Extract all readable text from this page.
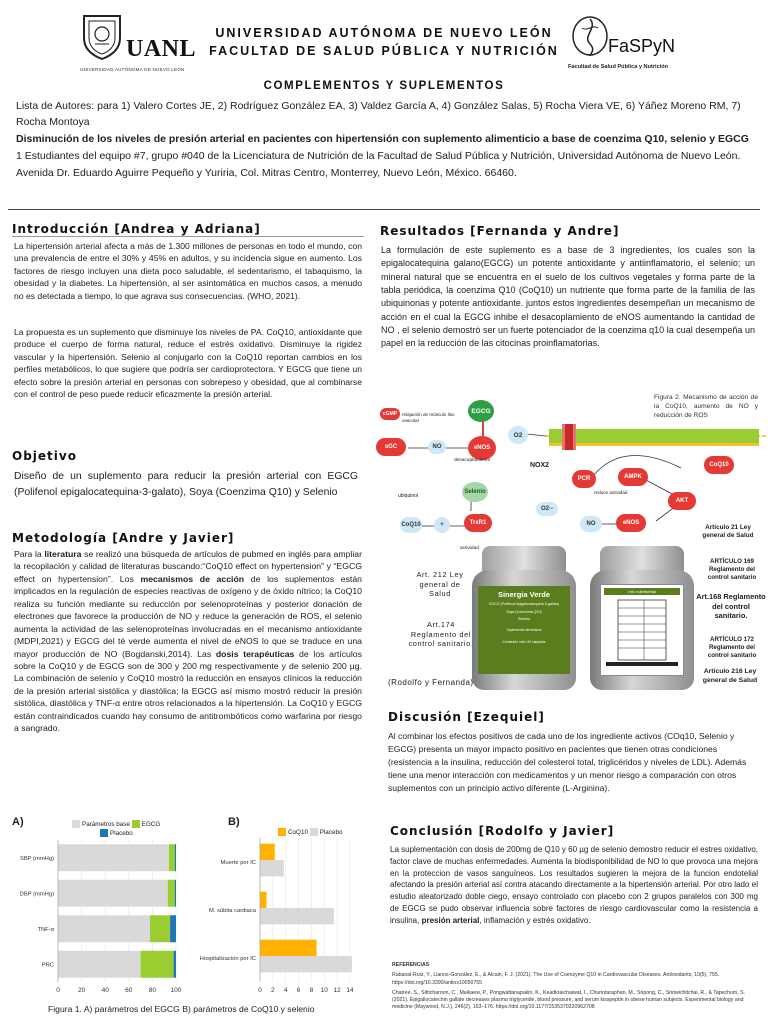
UANL
UNIVERSIDAD AUTÓNOMA DE NUEVO LEÓN
UNIVERSIDAD AUTÓNOMA DE NUEVO LEÓN
FACULTAD DE SALUD PÚBLICA Y NUTRICIÓN	FaSPyN
Facultad de Salud Pública y Nutrición
COMPLEMENTOS Y SUPLEMENTOS
Lista de Autores: para 1) Valero Cortes JE, 2) Rodríguez González EA, 3) Valdez García A, 4) González Salas, 5) Rocha Viera VE, 6) Yáñez Moreno RM, 7) Rocha Montoya
Disminución de los niveles de presión arterial en pacientes con hipertensión con suplemento alimenticio a base de coenzima Q10, selenio y EGCG 1 Estudiantes del equipo #7, grupo #040 de la Licenciatura de Nutrición de la Facultad de Salud Pública y Nutrición, Universidad Autónoma de Nuevo León. Avenida Dr. Eduardo Aguirre Pequeño y Yuriria, Col. Mitras Centro, Monterrey, Nuevo León, México. 66460.
Introducción [Andrea y Adriana]
La hipertensión arterial afecta a más de 1.300 millones de personas en todo el mundo, con una prevalencia de entre el 30% y 45% en adultos, y su incidencia sigue en aumento. Los factores de riesgo incluyen una dieta poco saludable, el sedentarismo, el tabaquismo, la obesidad y la diabetes. La hipertensión, al ser asintomática en muchos casos, a menudo no es detectada a tiempo, lo que agrava sus consecuencias. (WHO, 2021).
La propuesta es un suplemento que disminuye los niveles de PA. CoQ10, antioxidante que produce el cuerpo de forma natural, reduce el estrés oxidativo. Disminuye la rigidez vascular y la hipertensión. Selenio al conjugarlo con la CoQ10 reportan cambios en los perfiles metabólicos, lo que sugiere que podría ser cardioprotectora. Y EGCG que tiene un efecto sobre la presión arterial en personas con sobrepeso y obesidad, que al combinarse con el control de peso puede reducir eficazmente la presión arterial.
Objetivo
Diseño de un suplemento para reducir la presión arterial con EGCG (Polifenol epigalocatequina-3-galato), Soya (Coenzima Q10) y Selenio
Metodología [Andre y Javier]
Para la literatura se realizó una búsqueda de artículos de pubmed en inglés para ampliar la recopilación y calidad de literaturas buscando:“CoQ10 effect on hypertension” y “EGCG effect on hypertension”. Los mecanismos de acción de los suplementos están implicados en la regulación de especies reactivas de oxígeno y de óxido nítrico; la CoQ10 realiza su función mediante su reducción por selenoproteínas y posterior donación de electrones que favorece la producción de NO y reduce la generación de ROS, el selenio aumenta la actividad de las selenoproteínas involucradas en el mecanismo antioxidante (MDPI,2021) y EGCG del té verde aumenta el nivel de eNOS lo que se traduce en una mayor producción de NO (Bogdanski,2014). Las dosis terapéuticas de los artículos sobre la CoQ10 y de EGCG son de 300 y 200 mg respectivamente y de selenio 200 µg. La combinación de selenio y CoQ10 mostró la reducción en ensayos clínicos la reducción de la presión arterial sistólica y diastólica; la EGCG así mismo mostró reducir la presión sistólica, diastólica y TNF-α entre otros relacionados a la hipertensión. La CoQ10 y EGCG están contraindicados cuando hay consumo de antitrombóticos como warfarina por riesgo a sangrado.
A)	B)
Parámetros base EGCG
Placebo	CoQ10 Placebo
0	20	40	60	80 100
SBP (mmHg)
DBP (mmHg)
TNF-α
PRC
0 2 4 6 8 10 12 14
Muerte por IC
M. súbita cardiaca
Hospitalización por IC
Figura 1. A) parámetros del EGCG B) parámetros de CoQ10 y selenio
Resultados [Fernanda y Andre]
La formulación de este suplemento es a base de 3 ingredientes, los cuales son la epigalocatequina galano(EGCG) un potente antioxidante y antiinflamatorio, el selenio; un mineral natural que se encuentra en el suelo de los cultivos vegetales y forma parte de la tabla periódica, la coenzima Q10 (CoQ10) un nutriente que forma parte de la familia de las ubiquinonas y potente antioxidante. juntos estos ingredientes desempeñan un mecanismo de acción en el cual la EGCG inhibe el desacoplamiento de eNOS aumentando la cantidad de NO , el selenio demostró ser un fuerte potenciador de la coenzima q10 la cual desempeña un papel en la reducción de las citocinas proinflamatorias.
Figura 2. Mecanismo de acción de la CoQ10, aumento de NO y reducción de ROS
EGCG
cGMP
sGC	NO	eNOS
O2
NOX2	CoQ10
PCR	AMPK
AKT
eNOS
NO
O2·-
Selenio
TrxR1
CoQ10	+
ubiquinol
relajación de músculo liso vascular
desacoplamiento
reduce actividad
actividad
Sinergia Verde
EGCG (Polifenol epigalocatequina-3-galato)
Soya (Coenzima Q10)
Selenio
Suplemento alimenticio
Contenido neto: 60 cápsulas
Info nutrimental
Art. 212 Ley general de Salud
Art.174 Reglamento del control sanitario.
Artículo 21 Ley general de Salud
ARTÍCULO 169 Reglamento del control sanitario
Art.168 Reglamento del control sanitario.
ARTÍCULO 172 Reglamento del control sanitario
Artículo 216 Ley general de Salud
(Rodolfo y Fernanda)
Discusión [Ezequiel]
Al combinar los efectos positivos de cada uno de los ingrediente activos (COq10, Selenio y EGCG) presenta un mayor impacto positivo en pacientes que tienen otras condiciones (resistencia a la insulina, reducción del colesterol total, triglicéridos y niveles de LDL). Además tiene una menor interacción con medicamentos y un menor riesgo a comparación con otros suplementos con un principio activo diferente (L-Arginina).
Conclusión [Rodolfo y Javier]
La suplementación con dosis de 200mg de Q10 y 60 µg de selenio demostro reducir el estres oxidativo, factor clave de muchas enfermedades. Aumenta la biodisponibilidad de NO lo que provoca una mejora en la proteccion de vasos sanguíneos. Los resultados sugieren la mejora de la funcion endotelial afectando la presión arterial así contra atacando directamente a la hipertensión arterial. Por otro lado el estudio aleatorizado doble ciego, ensayo controlado con placebo con 2 grupos paralelos con 300 mg de EGCG se pudo observar influencia sobre factores de riesgo cardiovascular como la resistencia a insulina, presión arterial, inflamación y estrés oxidativo.
REFERENCIAS
Rabanal-Ruiz, Y., Llanos-González, E., & Alcain, F. J. (2021). The Use of Coenzyme Q10 in Cardiovascular Diseases. Antioxidants, 10(5), 755. https://doi.org/10.3390/antiox10050755
Chatree, S., Sitticharoon, C., Maikaew, P., Pongwattanapakin, K., Keadkraichaiwat, I., Churintaraphan, M., Sripong, C., Sririwichitchai, R., & Tapechum, S. (2021). Epigallocatechin gallate decreases plasma triglyceride, blood pressure, and serum kisspeptin in obese human subjects. Experimental biology and medicine (Maywood, N.J.), 246(2), 163–176. https://doi.org/10.1177/1535370220962708
